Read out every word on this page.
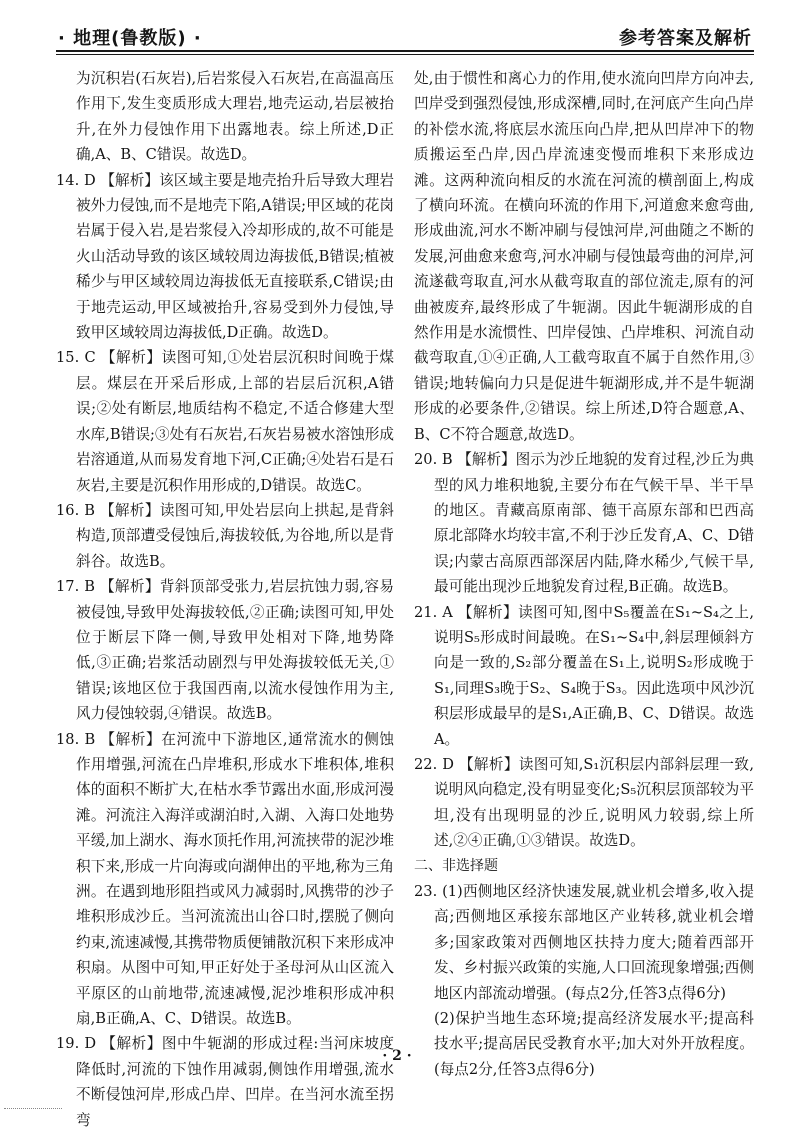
· 地理(鲁教版) ·	参考答案及解析

为沉积岩(石灰岩),后岩浆侵入石灰岩,在高温高压作用下,发生变质形成大理岩,地壳运动,岩层被抬升,在外力侵蚀作用下出露地表。综上所述,D正确,A、B、C错误。故选D。

14. D 【解析】该区域主要是地壳抬升后导致大理岩被外力侵蚀,而不是地壳下陷,A错误;甲区域的花岗岩属于侵入岩,是岩浆侵入冷却形成的,故不可能是火山活动导致的该区域较周边海拔低,B错误;植被稀少与甲区域较周边海拔低无直接联系,C错误;由于地壳运动,甲区域被抬升,容易受到外力侵蚀,导致甲区域较周边海拔低,D正确。故选D。

15. C 【解析】读图可知,①处岩层沉积时间晚于煤层。煤层在开采后形成,上部的岩层后沉积,A错误;②处有断层,地质结构不稳定,不适合修建大型水库,B错误;③处有石灰岩,石灰岩易被水溶蚀形成岩溶通道,从而易发育地下河,C正确;④处岩石是石灰岩,主要是沉积作用形成的,D错误。故选C。

16. B 【解析】读图可知,甲处岩层向上拱起,是背斜构造,顶部遭受侵蚀后,海拔较低,为谷地,所以是背斜谷。故选B。

17. B 【解析】背斜顶部受张力,岩层抗蚀力弱,容易被侵蚀,导致甲处海拔较低,②正确;读图可知,甲处位于断层下降一侧,导致甲处相对下降,地势降低,③正确;岩浆活动剧烈与甲处海拔较低无关,①错误;该地区位于我国西南,以流水侵蚀作用为主,风力侵蚀较弱,④错误。故选B。

18. B 【解析】在河流中下游地区,通常流水的侧蚀作用增强,河流在凸岸堆积,形成水下堆积体,堆积体的面积不断扩大,在枯水季节露出水面,形成河漫滩。河流注入海洋或湖泊时,入湖、入海口处地势平缓,加上湖水、海水顶托作用,河流挟带的泥沙堆积下来,形成一片向海或向湖伸出的平地,称为三角洲。在遇到地形阻挡或风力减弱时,风携带的沙子堆积形成沙丘。当河流流出山谷口时,摆脱了侧向约束,流速减慢,其携带物质便铺散沉积下来形成冲积扇。从图中可知,甲正好处于圣母河从山区流入平原区的山前地带,流速减慢,泥沙堆积形成冲积扇,B正确,A、C、D错误。故选B。

19. D 【解析】图中牛轭湖的形成过程:当河床坡度降低时,河流的下蚀作用减弱,侧蚀作用增强,流水不断侵蚀河岸,形成凸岸、凹岸。在当河水流至拐弯

处,由于惯性和离心力的作用,使水流向凹岸方向冲去,凹岸受到强烈侵蚀,形成深槽,同时,在河底产生向凸岸的补偿水流,将底层水流压向凸岸,把从凹岸冲下的物质搬运至凸岸,因凸岸流速变慢而堆积下来形成边滩。这两种流向相反的水流在河流的横剖面上,构成了横向环流。在横向环流的作用下,河道愈来愈弯曲,形成曲流,河水不断冲刷与侵蚀河岸,河曲随之不断的发展,河曲愈来愈弯,河水冲刷与侵蚀最弯曲的河岸,河流遂截弯取直,河水从截弯取直的部位流走,原有的河曲被废弃,最终形成了牛轭湖。因此牛轭湖形成的自然作用是水流惯性、凹岸侵蚀、凸岸堆积、河流自动截弯取直,①④正确,人工截弯取直不属于自然作用,③错误;地转偏向力只是促进牛轭湖形成,并不是牛轭湖形成的必要条件,②错误。综上所述,D符合题意,A、B、C不符合题意,故选D。

20. B 【解析】图示为沙丘地貌的发育过程,沙丘为典型的风力堆积地貌,主要分布在气候干旱、半干旱的地区。青藏高原南部、德干高原东部和巴西高原北部降水均较丰富,不利于沙丘发育,A、C、D错误;内蒙古高原西部深居内陆,降水稀少,气候干旱,最可能出现沙丘地貌发育过程,B正确。故选B。

21. A 【解析】读图可知,图中S₅覆盖在S₁~S₄之上,说明S₅形成时间最晚。在S₁~S₄中,斜层理倾斜方向是一致的,S₂部分覆盖在S₁上,说明S₂形成晚于S₁,同理S₃晚于S₂、S₄晚于S₃。因此选项中风沙沉积层形成最早的是S₁,A正确,B、C、D错误。故选A。

22. D 【解析】读图可知,S₁沉积层内部斜层理一致,说明风向稳定,没有明显变化;S₅沉积层顶部较为平坦,没有出现明显的沙丘,说明风力较弱,综上所述,②④正确,①③错误。故选D。

二、非选择题

23. (1)西侧地区经济快速发展,就业机会增多,收入提高;西侧地区承接东部地区产业转移,就业机会增多;国家政策对西侧地区扶持力度大;随着西部开发、乡村振兴政策的实施,人口回流现象增强;西侧地区内部流动增强。(每点2分,任答3点得6分)

(2)保护当地生态环境;提高经济发展水平;提高科技水平;提高居民受教育水平;加大对外开放程度。(每点2分,任答3点得6分)

· 2 ·
